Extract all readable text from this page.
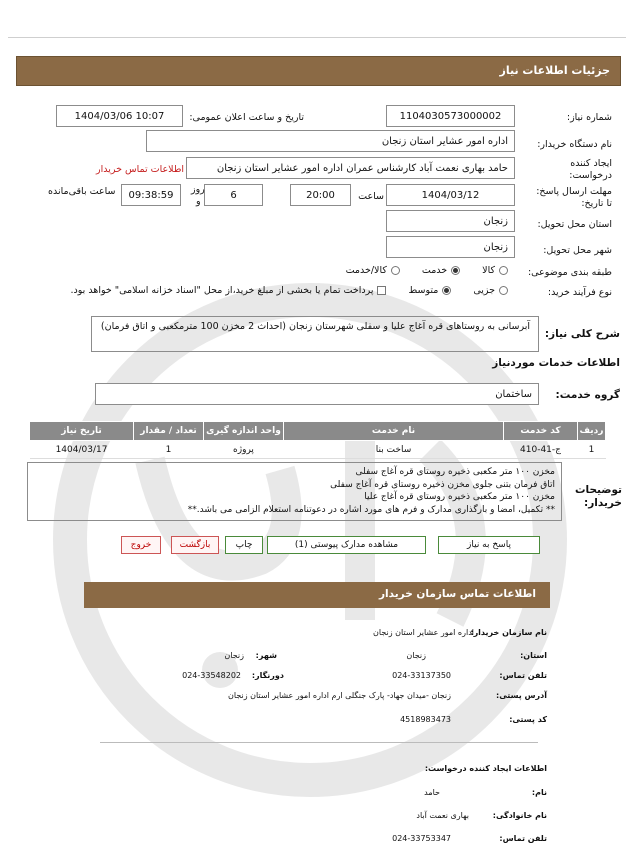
جزئیات اطلاعات نیاز
شماره نیاز:
1104030573000002
تاریخ و ساعت اعلان عمومی:
1404/03/06 10:07
نام دستگاه خریدار:
اداره امور عشایر استان زنجان
ایجاد کننده درخواست:
حامد بهاری نعمت آباد کارشناس عمران اداره امور عشایر استان زنجان
اطلاعات تماس خریدار
مهلت ارسال پاسخ: تا تاریخ:
1404/03/12
ساعت
20:00
6
روز
و
09:38:59
ساعت باقی‌مانده
استان محل تحویل:
زنجان
شهر محل تحویل:
زنجان
طبقه بندی موضوعی:
کالا
خدمت
کالا/خدمت
نوع فرآیند خرید:
جزیی
متوسط
پرداخت تمام یا بخشی از مبلغ خرید،از محل "اسناد خزانه اسلامی" خواهد بود.
شرح کلی نیاز:
آبرسانی به روستاهای قره آغاج علیا و سفلی شهرستان زنجان (احداث 2 مخزن 100 مترمکعبی و اتاق فرمان)
اطلاعات خدمات موردنیاز
گروه خدمت:
ساختمان
ردیف	کد خدمت	نام خدمت	واحد اندازه گیری	تعداد / مقدار	تاریخ نیاز
1	ج-41-410	ساخت بنا	پروژه	1	1404/03/17
توضیحات خریدار:
مخزن ۱۰۰ متر مکعبی ذخیره روستای قره آغاج سفلی
اتاق فرمان بتنی جلوی مخزن ذخیره روستای قره آغاج سفلی
مخزن ۱۰۰ متر مکعبی ذخیره روستای قره آغاج علیا
** تکمیل، امضا و بارگذاری مدارک و فرم های مورد اشاره در دعوتنامه استعلام الزامی می باشد.**
پاسخ به نیاز
مشاهده مدارک پیوستی (1)
چاپ
بازگشت
خروج
اطلاعات تماس سازمان خریدار
نام سازمان خریدار:
اداره امور عشایر استان زنجان
استان:
زنجان
شهر:
زنجان
تلفن تماس:
024-33137350
دورنگار:
024-33548202
آدرس پستی:
زنجان -میدان جهاد- پارک جنگلی ارم اداره امور عشایر استان زنجان
کد پستی:
4518983473
اطلاعات ایجاد کننده درخواست:
نام:
حامد
نام خانوادگی:
بهاری نعمت آباد
تلفن تماس:
024-33753347
